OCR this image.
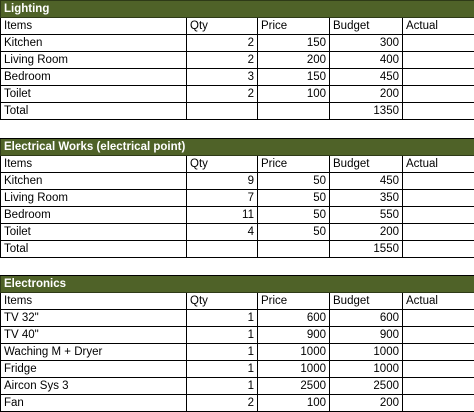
Lighting				
Items	Qty	Price	Budget	Actual
Kitchen	2	150	300	
Living Room	2	200	400	
Bedroom	3	150	450	
Toilet	2	100	200	
Total			1350	

Electrical Works (electrical point)				
Items	Qty	Price	Budget	Actual
Kitchen	9	50	450	
Living Room	7	50	350	
Bedroom	11	50	550	
Toilet	4	50	200	
Total			1550	

Electronics				
Items	Qty	Price	Budget	Actual
TV 32"	1	600	600	
TV 40"	1	900	900	
Waching M + Dryer	1	1000	1000	
Fridge	1	1000	1000	
Aircon Sys 3	1	2500	2500	
Fan	2	100	200	
